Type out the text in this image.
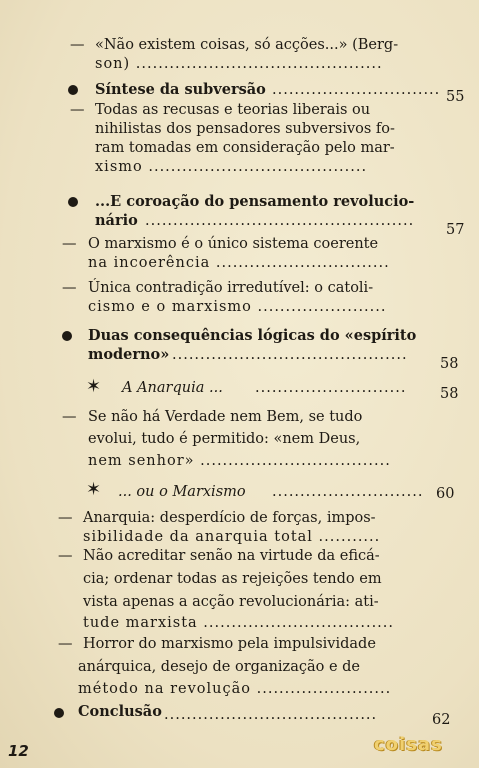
— «Não existem coisas, só acções...» (Berg-
son) ............................................
Síntese da subversão .............................. 55
— Todas as recusas e teorias liberais ou
nihilistas dos pensadores subversivos fo-
ram tomadas em consideração pelo mar-
xismo .......................................
...E coroação do pensamento revolucio-
nário ................................................
57
— O marxismo é o único sistema coerente
na incoerência ...............................
— Única contradição irredutível: o catoli-
cismo e o marxismo .......................
Duas consequências lógicas do «espírito
moderno» ..........................................
58
✶ A Anarquia ... ........................... 58
— Se não há Verdade nem Bem, se tudo
evolui, tudo é permitido: «nem Deus,
nem senhor» ..................................
✶ ... ou o Marxismo ........................... 60
— Anarquia: desperdício de forças, impos-
sibilidade da anarquia total ...........
— Não acreditar senão na virtude da eficá-
cia; ordenar todas as rejeições tendo em
vista apenas a acção revolucionária: ati-
tude marxista ..................................
— Horror do marxismo pela impulsividade
anárquica, desejo de organização e de
método na revolução ........................
Conclusão ......................................	62
12	coisas
